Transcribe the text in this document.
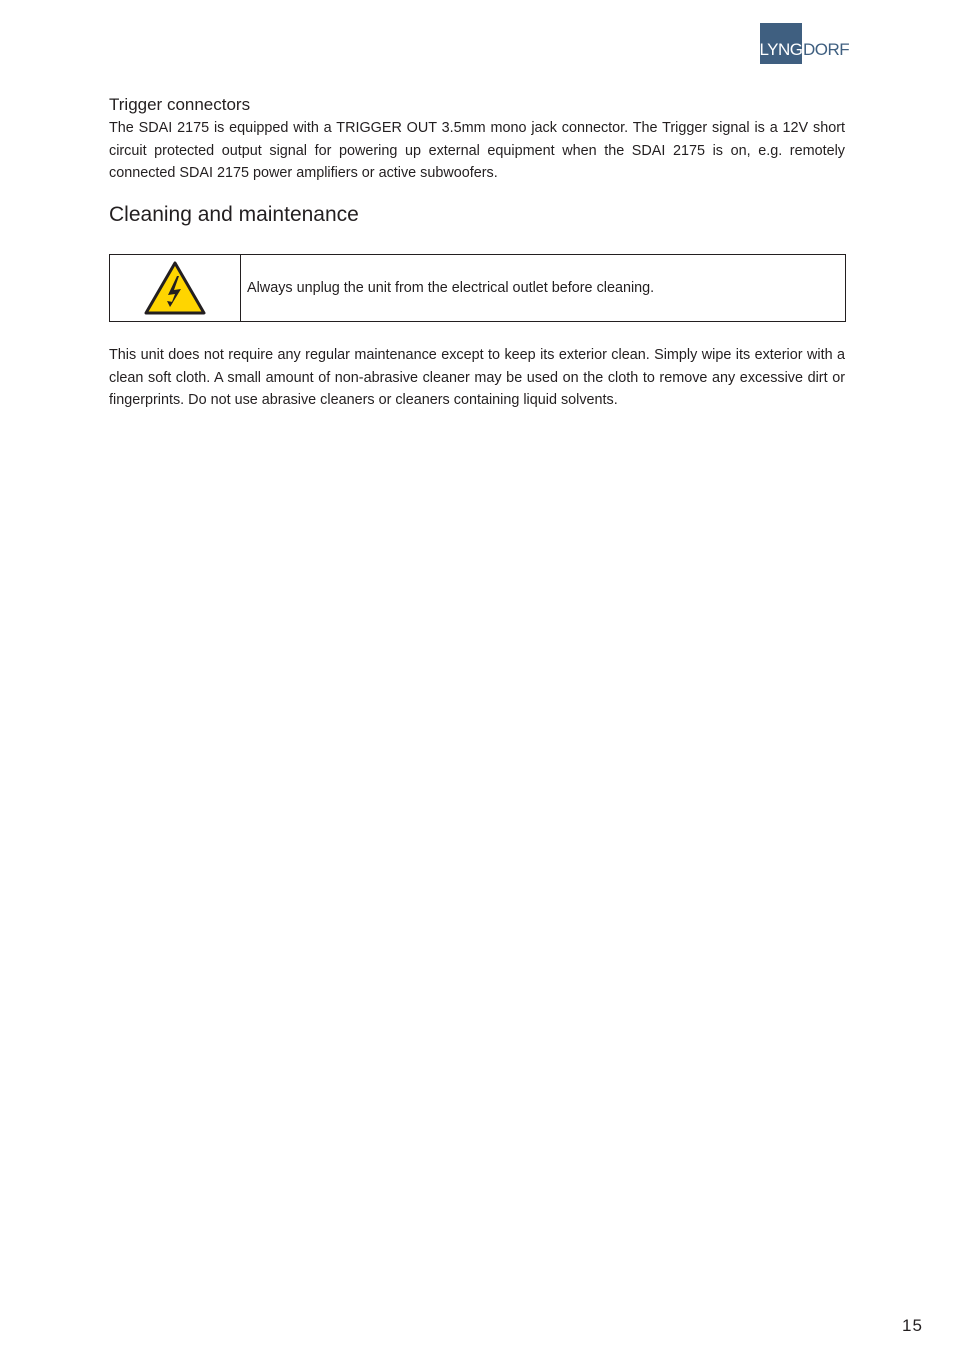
LYNG DORF
Trigger connectors

The SDAI 2175 is equipped with a TRIGGER OUT 3.5mm mono jack connector. The Trigger signal is a 12V short circuit protected output signal for powering up external equipment when the SDAI 2175 is on, e.g. remotely connected SDAI 2175 power amplifiers or active subwoofers.

Cleaning and maintenance
Always unplug the unit from the electrical outlet before cleaning.

This unit does not require any regular maintenance except to keep its exterior clean. Simply wipe its exterior with a clean soft cloth. A small amount of non-abrasive cleaner may be used on the cloth to remove any excessive dirt or fingerprints. Do not use abrasive cleaners or cleaners containing liquid solvents.

15
